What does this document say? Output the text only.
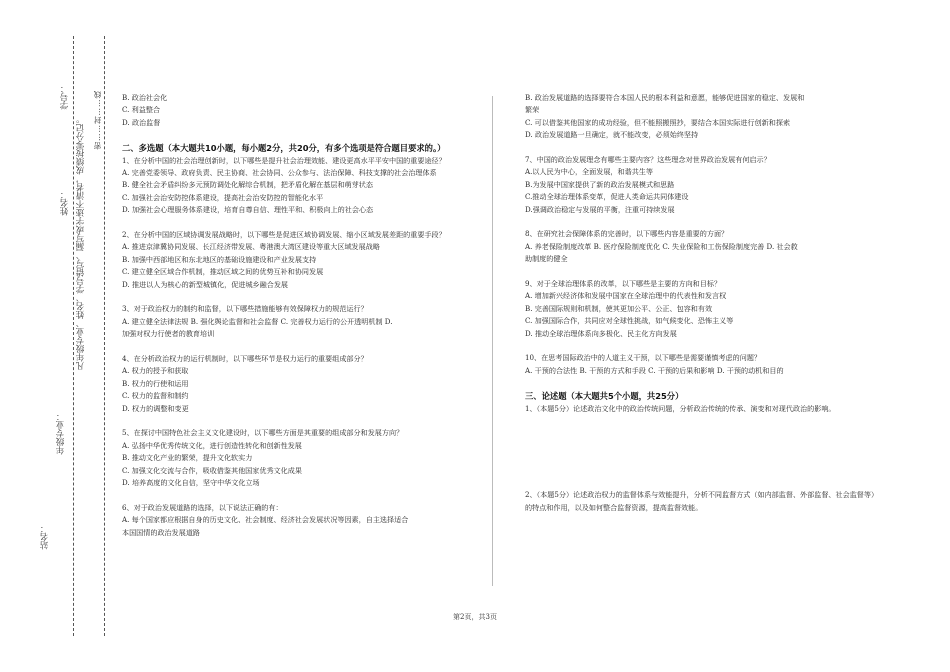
站名：
年级专业：
姓名：
学号：
凡年级专业、姓名、学号错写、漏写或字迹不清者，成绩按零分记。 密……封……线	B. 政治社会化

C. 利益整合

D. 政治监督

二、多选题（本大题共10小题，每小题2分，共20分，有多个选项是符合题目要求的。）

1、在分析中国的社会治理创新时，以下哪些是提升社会治理效能、建设更高水平平安中国的重要途径？

A. 完善党委领导、政府负责、民主协商、社会协同、公众参与、法治保障、科技支撑的社会治理体系

B. 健全社会矛盾纠纷多元预防调处化解综合机制，把矛盾化解在基层和萌芽状态

C. 加强社会治安防控体系建设，提高社会治安防控的智能化水平

D. 加强社会心理服务体系建设，培育自尊自信、理性平和、积极向上的社会心态

2、在分析中国的区域协调发展战略时，以下哪些是促进区域协调发展、缩小区域发展差距的重要手段？

A. 推进京津冀协同发展、长江经济带发展、粤港澳大湾区建设等重大区域发展战略

B. 加强中西部地区和东北地区的基础设施建设和产业发展支持

C. 建立健全区域合作机制，推动区域之间的优势互补和协同发展

D. 推进以人为核心的新型城镇化，促进城乡融合发展

3、对于政治权力的制约和监督，以下哪些措施能够有效保障权力的规范运行？

A. 建立健全法律法规 B. 强化舆论监督和社会监督 C. 完善权力运行的公开透明机制 D.

加强对权力行使者的教育培训

4、在分析政治权力的运行机制时，以下哪些环节是权力运行的重要组成部分？

A. 权力的授予和获取

B. 权力的行使和运用

C. 权力的监督和制约

D. 权力的调整和变更

5、在探讨中国特色社会主义文化建设时，以下哪些方面是其重要的组成部分和发展方向？

A. 弘扬中华优秀传统文化，进行创造性转化和创新性发展

B. 推动文化产业的繁荣，提升文化软实力

C. 加强文化交流与合作，吸收借鉴其他国家优秀文化成果

D. 培养高度的文化自信，坚守中华文化立场

6、对于政治发展道路的选择，以下说法正确的有：

A. 每个国家都应根据自身的历史文化、社会制度、经济社会发展状况等因素，自主选择适合

本国国情的政治发展道路

B. 政治发展道路的选择要符合本国人民的根本利益和意愿，能够促进国家的稳定、发展和

繁荣

C. 可以借鉴其他国家的成功经验，但不能照搬照抄，要结合本国实际进行创新和探索

D. 政治发展道路一旦确定，就不能改变，必须始终坚持

7、中国的政治发展理念有哪些主要内容？这些理念对世界政治发展有何启示？

A.以人民为中心，全面发展，和谐共生等

B.为发展中国家提供了新的政治发展模式和思路

C.推动全球治理体系变革，促进人类命运共同体建设

D.强调政治稳定与发展的平衡，注重可持续发展

8、在研究社会保障体系的完善时，以下哪些内容是重要的方面？

A. 养老保险制度改革 B. 医疗保险制度优化 C. 失业保险和工伤保险制度完善 D. 社会救

助制度的健全

9、对于全球治理体系的改革，以下哪些是主要的方向和目标？

A. 增加新兴经济体和发展中国家在全球治理中的代表性和发言权

B. 完善国际规则和机制，使其更加公平、公正、包容和有效

C. 加强国际合作，共同应对全球性挑战，如气候变化、恐怖主义等

D. 推动全球治理体系向多极化、民主化方向发展

10、在思考国际政治中的人道主义干预，以下哪些是需要谨慎考虑的问题？

A. 干预的合法性 B. 干预的方式和手段 C. 干预的后果和影响 D. 干预的动机和目的

三、论述题（本大题共5个小题，共25分）

1、（本题5分）论述政治文化中的政治传统问题，分析政治传统的传承、演变和对现代政治的影响。

2、（本题5分）论述政治权力的监督体系与效能提升，分析不同监督方式（如内部监督、外部监督、社会监督等）的特点和作用，以及如何整合监督资源，提高监督效能。

第2页，共3页
